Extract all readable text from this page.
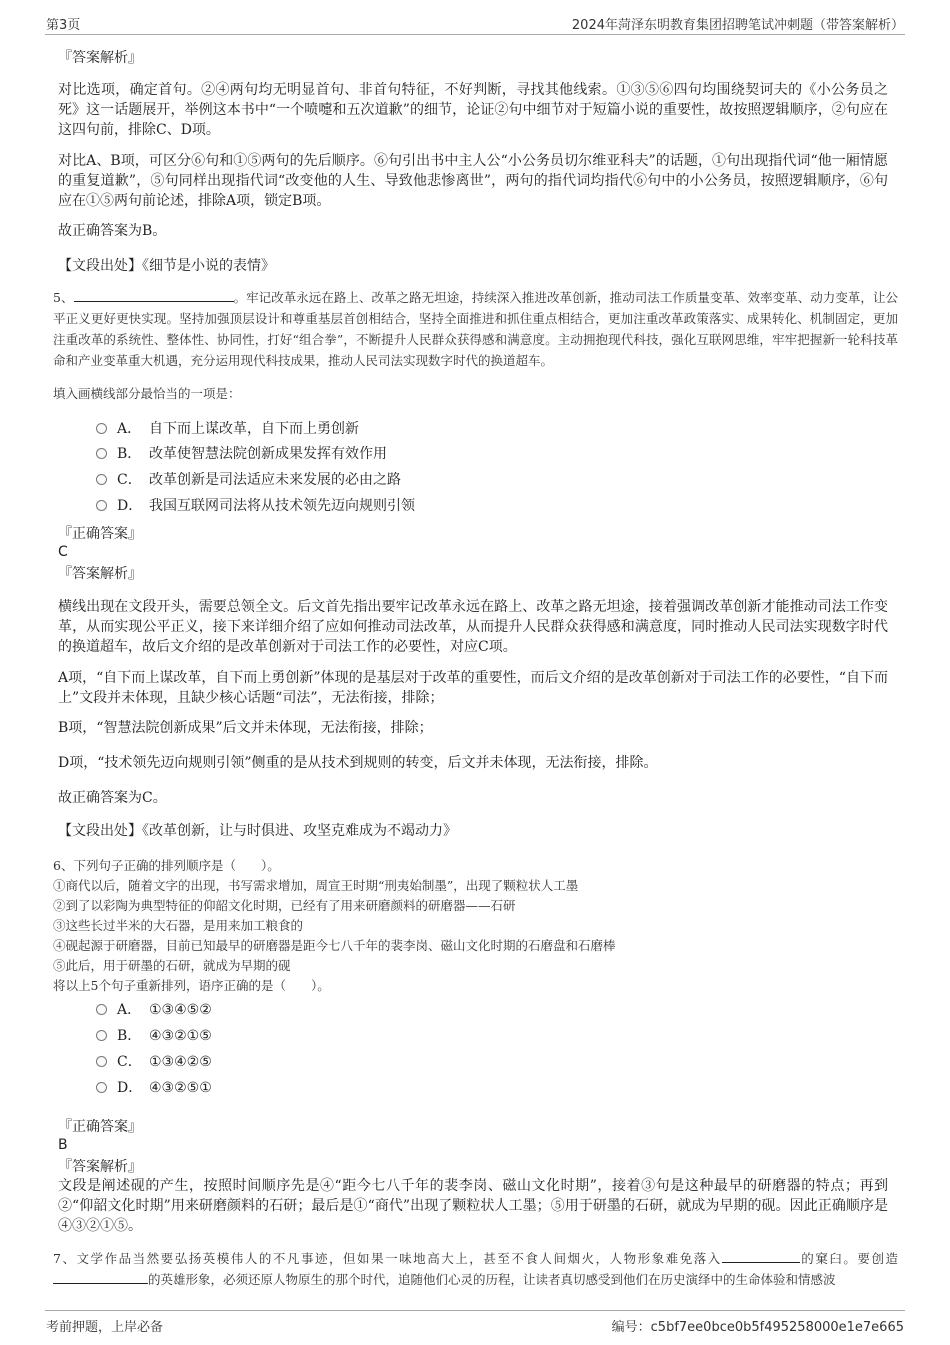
第3页	2024年菏泽东明教育集团招聘笔试冲刺题（带答案解析）
『答案解析』
对比选项，确定首句。②④两句均无明显首句、非首句特征，不好判断，寻找其他线索。①③⑤⑥四句均围绕契诃夫的《小公务员之死》这一话题展开，举例这本书中“一个喷嚏和五次道歉”的细节，论证②句中细节对于短篇小说的重要性，故按照逻辑顺序，②句应在这四句前，排除C、D项。
对比A、B项，可区分⑥句和①⑤两句的先后顺序。⑥句引出书中主人公“小公务员切尔维亚科夫”的话题，①句出现指代词“他一厢情愿的重复道歉”，⑤句同样出现指代词“改变他的人生、导致他悲惨离世”，两句的指代词均指代⑥句中的小公务员，按照逻辑顺序，⑥句应在①⑤两句前论述，排除A项，锁定B项。
故正确答案为B。
【文段出处】《细节是小说的表情》
5、	。牢记改革永远在路上、改革之路无坦途，持续深入推进改革创新，推动司法工作质量变革、效率变革、动力变革，让公平正义更好更快实现。坚持加强顶层设计和尊重基层首创相结合，坚持全面推进和抓住重点相结合，更加注重改革政策落实、成果转化、机制固定，更加注重改革的系统性、整体性、协同性，打好“组合拳”，不断提升人民群众获得感和满意度。主动拥抱现代科技，强化互联网思维，牢牢把握新一轮科技革命和产业变革重大机遇，充分运用现代科技成果，推动人民司法实现数字时代的换道超车。
填入画横线部分最恰当的一项是：
A． 自下而上谋改革，自下而上勇创新
B． 改革使智慧法院创新成果发挥有效作用
C． 改革创新是司法适应未来发展的必由之路
D． 我国互联网司法将从技术领先迈向规则引领
『正确答案』
C
『答案解析』
横线出现在文段开头，需要总领全文。后文首先指出要牢记改革永远在路上、改革之路无坦途，接着强调改革创新才能推动司法工作变革，从而实现公平正义，接下来详细介绍了应如何推动司法改革，从而提升人民群众获得感和满意度，同时推动人民司法实现数字时代的换道超车，故后文介绍的是改革创新对于司法工作的必要性，对应C项。
A项，“自下而上谋改革，自下而上勇创新”体现的是基层对于改革的重要性，而后文介绍的是改革创新对于司法工作的必要性，“自下而上”文段并未体现，且缺少核心话题“司法”，无法衔接，排除；
B项，“智慧法院创新成果”后文并未体现，无法衔接，排除；
D项，“技术领先迈向规则引领”侧重的是从技术到规则的转变，后文并未体现，无法衔接，排除。
故正确答案为C。
【文段出处】《改革创新，让与时俱进、攻坚克难成为不竭动力》
6、下列句子正确的排列顺序是（　　）。
①商代以后，随着文字的出现，书写需求增加，周宣王时期“刑夷始制墨”，出现了颗粒状人工墨
②到了以彩陶为典型特征的仰韶文化时期，已经有了用来研磨颜料的研磨器——石研
③这些长过半米的大石器，是用来加工粮食的
④砚起源于研磨器，目前已知最早的研磨器是距今七八千年的裴李岗、磁山文化时期的石磨盘和石磨棒
⑤此后，用于研墨的石研，就成为早期的砚
将以上5个句子重新排列，语序正确的是（　　）。
A． ①③④⑤②
B． ④③②①⑤
C． ①③④②⑤
D． ④③②⑤①
『正确答案』
B
『答案解析』
文段是阐述砚的产生，按照时间顺序先是④“距今七八千年的裴李岗、磁山文化时期”，接着③句是这种最早的研磨器的特点；再到②“仰韶文化时期”用来研磨颜料的石研；最后是①“商代”出现了颗粒状人工墨；⑤用于研墨的石研，就成为早期的砚。因此正确顺序是④③②①⑤。
7、文学作品当然要弘扬英模伟人的不凡事迹，但如果一味地高大上，甚至不食人间烟火，人物形象难免落入	的窠臼。要创造的英雄形象，必须还原人物原生的那个时代，追随他们心灵的历程，让读者真切感受到他们在历史演绎中的生命体验和情感波
考前押题，上岸必备	编号：c5bf7ee0bce0b5f495258000e1e7e665
